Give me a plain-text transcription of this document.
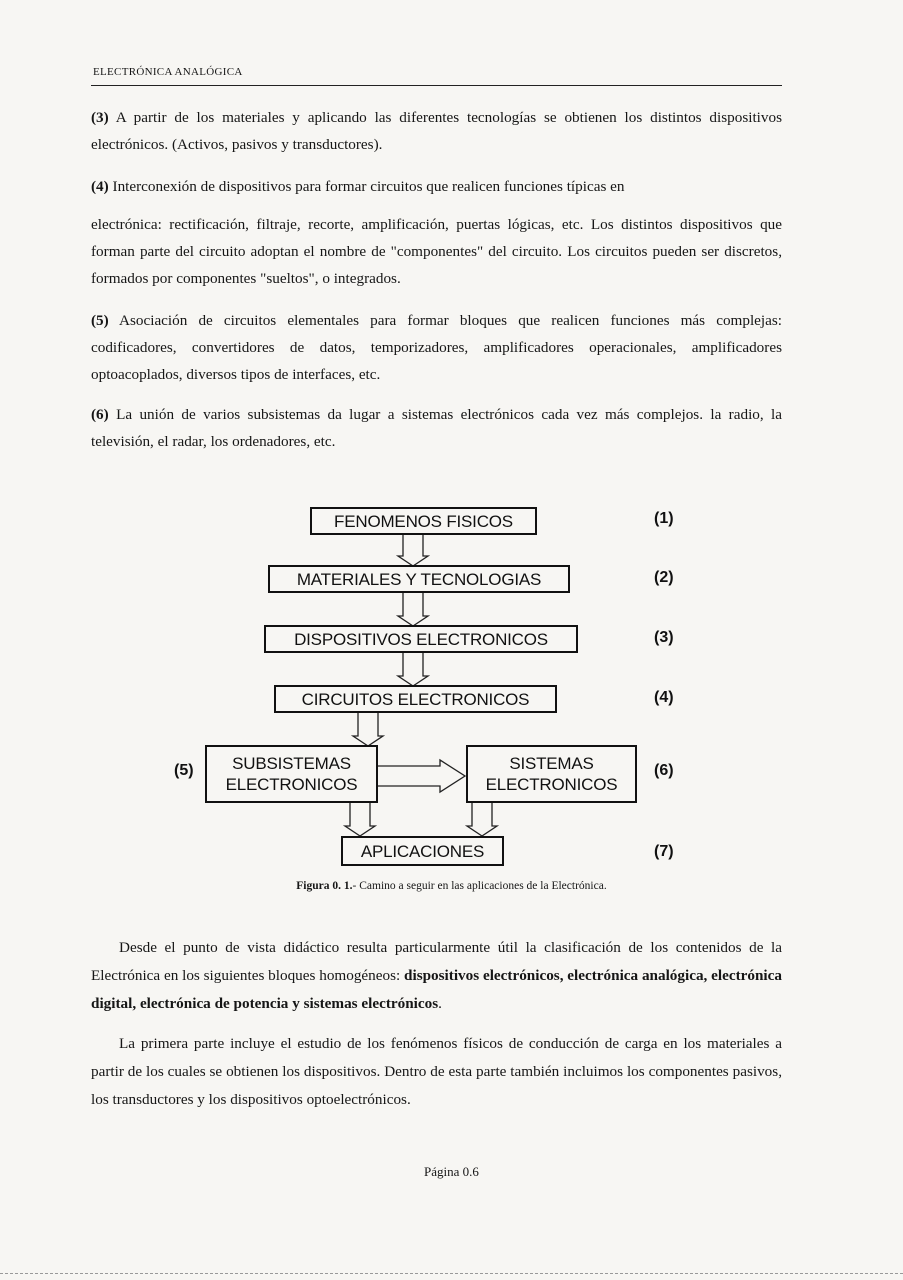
ELECTRÓNICA ANALÓGICA
(3) A partir de los materiales y aplicando las diferentes tecnologías se obtienen los distintos dispositivos electrónicos. (Activos, pasivos y transductores).
(4) Interconexión de dispositivos para formar circuitos que realicen funciones típicas en
electrónica: rectificación, filtraje, recorte, amplificación, puertas lógicas, etc. Los distintos dispositivos que forman parte del circuito adoptan el nombre de "componentes" del circuito. Los circuitos pueden ser discretos, formados por componentes "sueltos", o integrados.
(5) Asociación de circuitos elementales para formar bloques que realicen funciones más complejas: codificadores, convertidores de datos, temporizadores, amplificadores operacionales, amplificadores optoacoplados, diversos tipos de interfaces, etc.
(6) La unión de varios subsistemas da lugar a sistemas electrónicos cada vez más complejos. la radio, la televisión, el radar, los ordenadores, etc.
FENOMENOS FISICOS
MATERIALES Y TECNOLOGIAS
DISPOSITIVOS ELECTRONICOS
CIRCUITOS ELECTRONICOS
SUBSISTEMAS
ELECTRONICOS
SISTEMAS
ELECTRONICOS
APLICACIONES
(1)
(2)
(3)
(4)
(5)	(6)
(7)
Figura 0. 1.- Camino a seguir en las aplicaciones de la Electrónica.
Desde el punto de vista didáctico resulta particularmente útil la clasificación de los contenidos de la Electrónica en los siguientes bloques homogéneos: dispositivos electrónicos, electrónica analógica, electrónica digital, electrónica de potencia y sistemas electrónicos.
La primera parte incluye el estudio de los fenómenos físicos de conducción de carga en los materiales a partir de los cuales se obtienen los dispositivos. Dentro de esta parte también incluimos los componentes pasivos, los transductores y los dispositivos optoelectrónicos.
Página 0.6
